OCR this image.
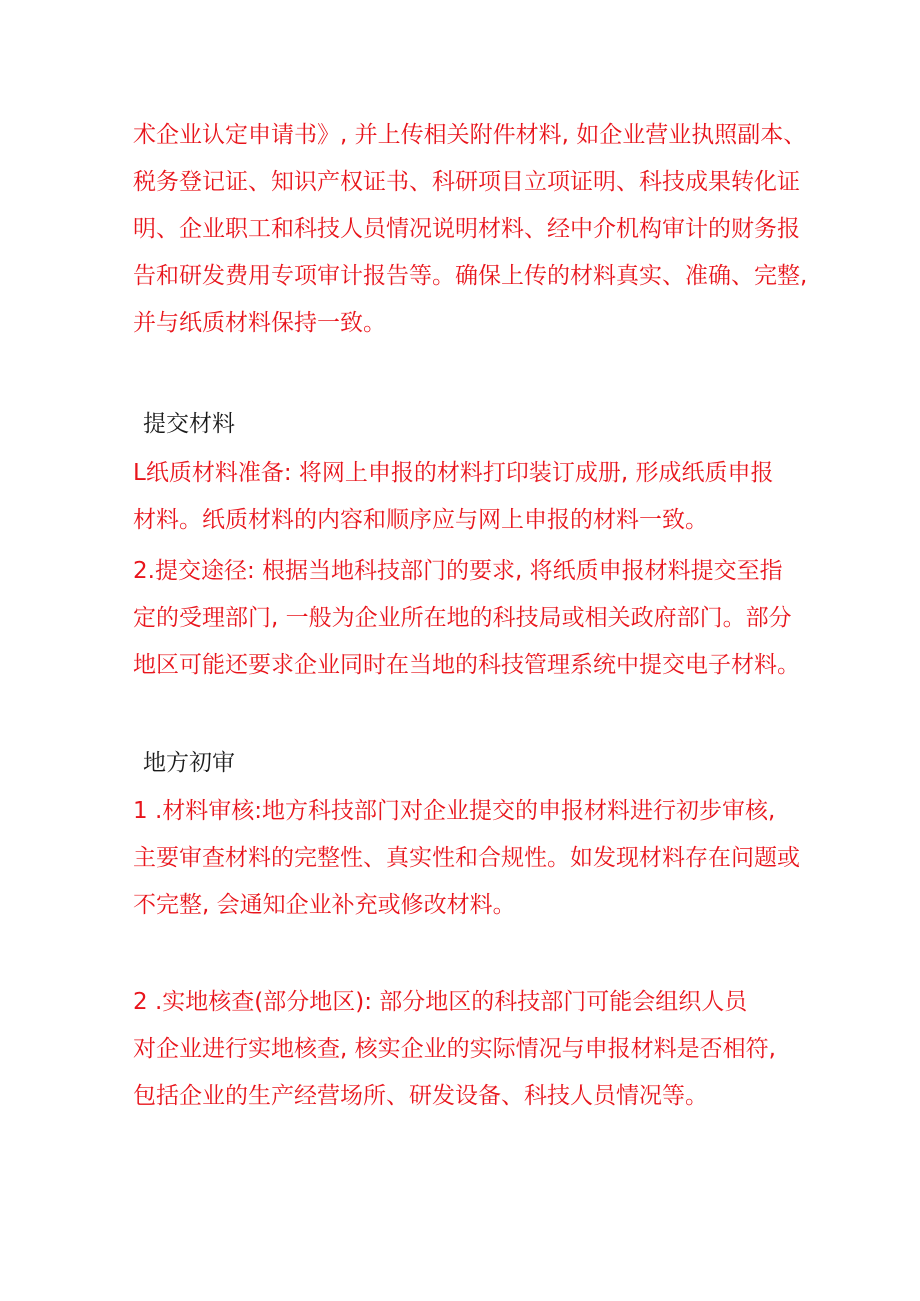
术企业认定申请书》, 并上传相关附件材料, 如企业营业执照副本、
税务登记证、知识产权证书、科研项目立项证明、科技成果转化证
明、企业职工和科技人员情况说明材料、经中介机构审计的财务报
告和研发费用专项审计报告等。确保上传的材料真实、准确、完整,
并与纸质材料保持一致。
提交材料
L纸质材料准备: 将网上申报的材料打印装订成册, 形成纸质申报
材料。纸质材料的内容和顺序应与网上申报的材料一致。
2.提交途径: 根据当地科技部门的要求, 将纸质申报材料提交至指
定的受理部门, 一般为企业所在地的科技局或相关政府部门。部分
地区可能还要求企业同时在当地的科技管理系统中提交电子材料。
地方初审
1 .材料审核:地方科技部门对企业提交的申报材料进行初步审核,
主要审查材料的完整性、真实性和合规性。如发现材料存在问题或
不完整, 会通知企业补充或修改材料。
2 .实地核查(部分地区): 部分地区的科技部门可能会组织人员
对企业进行实地核查, 核实企业的实际情况与申报材料是否相符,
包括企业的生产经营场所、研发设备、科技人员情况等。
